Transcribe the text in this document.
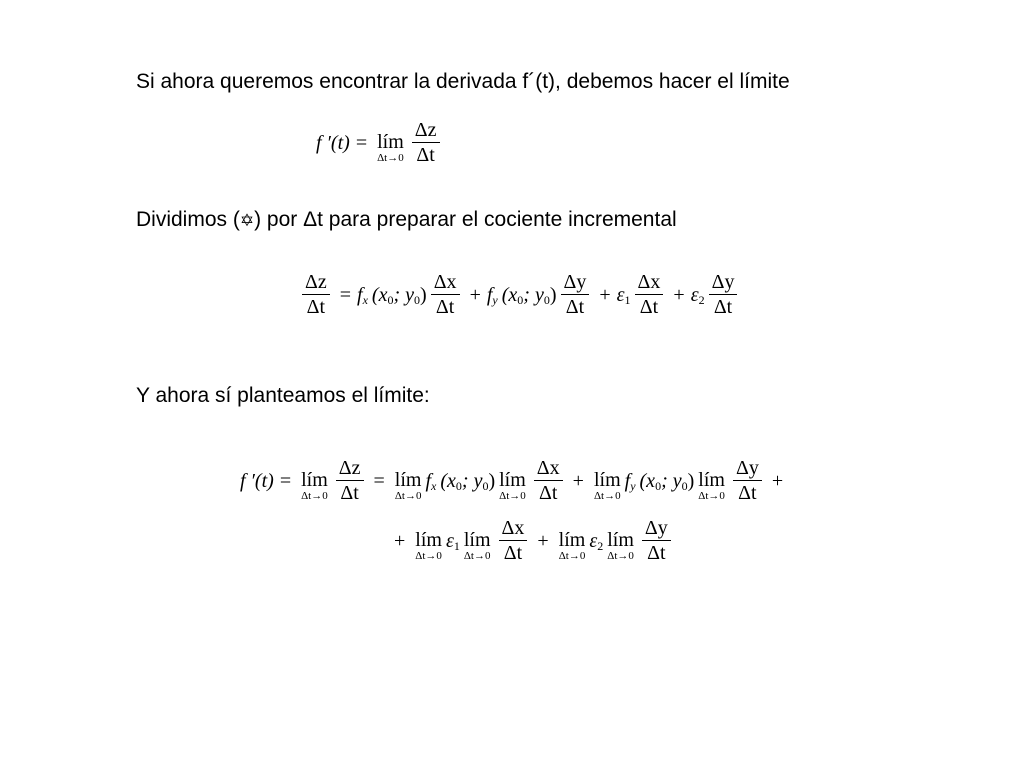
Si ahora queremos encontrar la derivada f´(t), debemos hacer el límite
f ′(t) = lím
$\Delta t\to 0 \frac{\Delta z}{\Delta t}$
Dividimos (✡) por Δt para preparar el cociente incremental
$\frac{\Delta z}{\Delta t} = f$ x (x 0 ; y 0 ) $\frac{\Delta x}{\Delta t} + f$ y (x 0 ; y 0 ) $\frac{\Delta y}{\Delta t} + \varepsilon$ $1 \frac{\Delta x}{\Delta t} + \varepsilon$ $2 \frac{\Delta y}{\Delta t}$
Y ahora sí planteamos el límite:
f ′(t) = lím
$\Delta t\to 0 \frac{\Delta z}{\Delta t}$ = lím
Δt→0
f x (x 0 ; y 0 ) lím
$\Delta t\to 0 \frac{\Delta x}{\Delta t}$ + lím
Δt→0
f y (x 0 ; y 0 ) lím
$\Delta t\to 0 \frac{\Delta y}{\Delta t}$ +
+ lím
Δt→0
ε 1 lím
$\Delta t\to 0 \frac{\Delta x}{\Delta t}$ + lím
Δt→0
ε 2 lím
$\Delta t\to 0 \frac{\Delta y}{\Delta t}$
